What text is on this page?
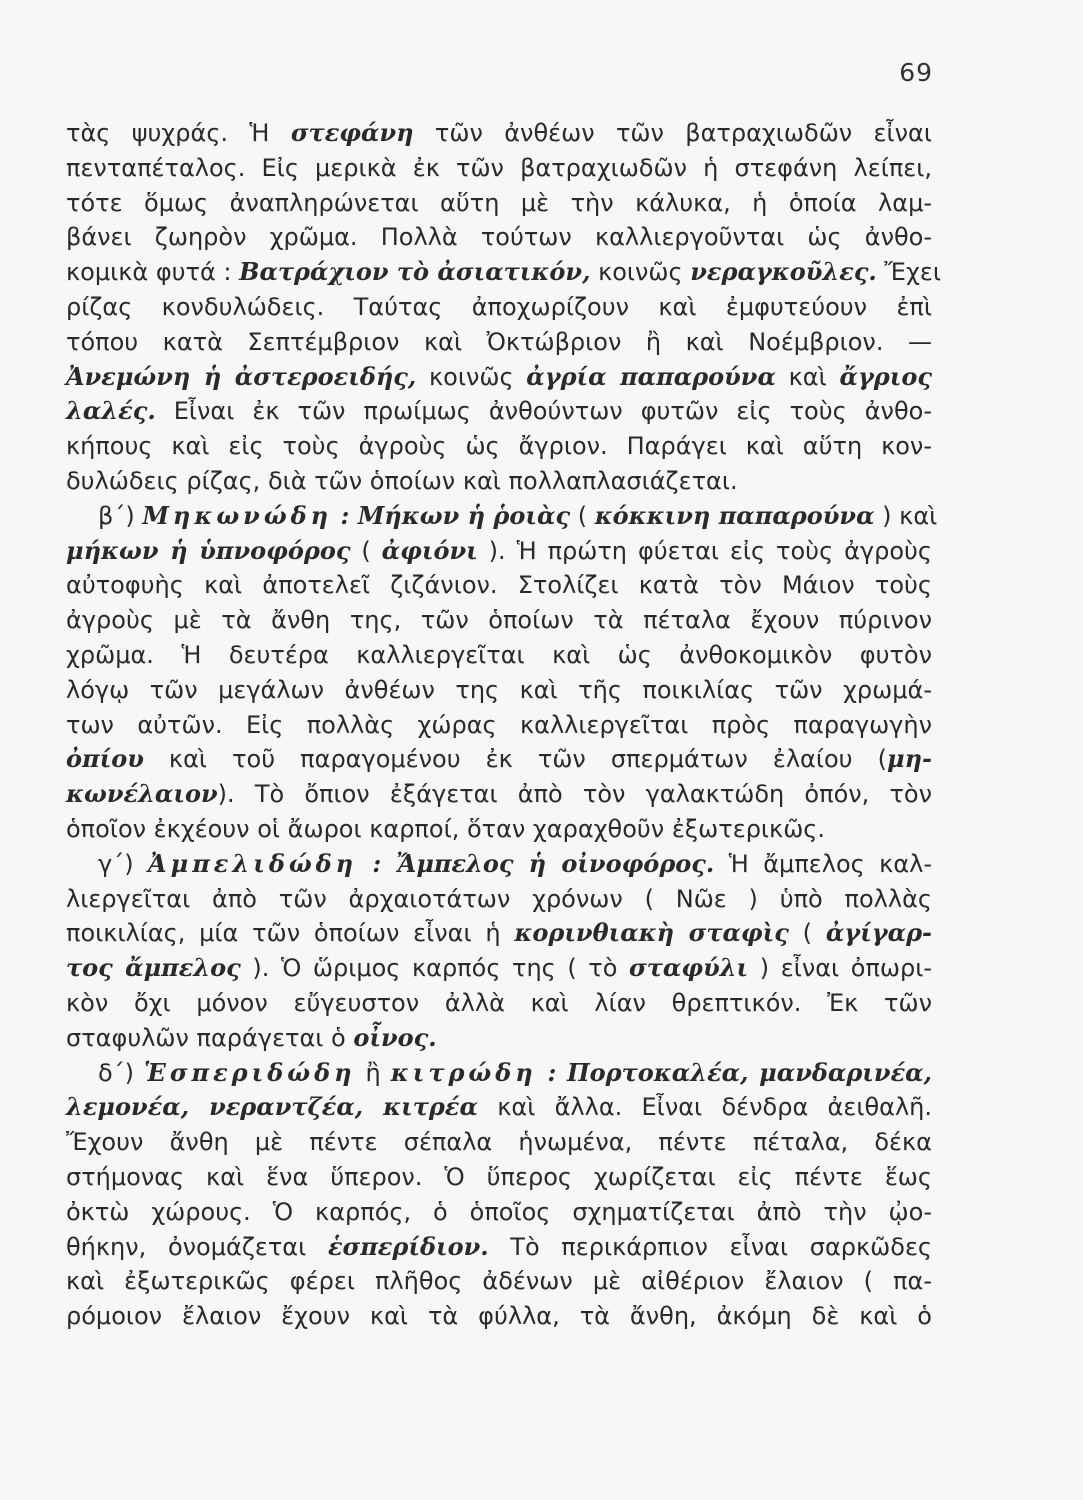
69
τὰς ψυχράς. Ἡ στεφάνη τῶν ἀνθέων τῶν βατραχιωδῶν εἶναι
πενταπέταλος. Εἰς μερικὰ ἐκ τῶν βατραχιωδῶν ἡ στεφάνη λείπει,
τότε ὅμως ἀναπληρώνεται αὕτη μὲ τὴν κάλυκα, ἡ ὁποία λαμ-
βάνει ζωηρὸν χρῶμα. Πολλὰ τούτων καλλιεργοῦνται ὡς ἀνθο-
κομικὰ φυτά : Βατράχιον τὸ ἀσιατικόν, κοινῶς νεραγκοῦλες. Ἔχει
ρίζας κονδυλώδεις. Ταύτας ἀποχωρίζουν καὶ ἐμφυτεύουν ἐπὶ
τόπου κατὰ Σεπτέμβριον καὶ Ὀκτώβριον ἢ καὶ Νοέμβριον. —
Ἀνεμώνη ἡ ἀστεροειδής, κοινῶς ἀγρία παπαρούνα καὶ ἄγριος
λαλές. Εἶναι ἐκ τῶν πρωίμως ἀνθούντων φυτῶν εἰς τοὺς ἀνθο-
κήπους καὶ εἰς τοὺς ἀγροὺς ὡς ἄγριον. Παράγει καὶ αὕτη κον-
δυλώδεις ρίζας, διὰ τῶν ὁποίων καὶ πολλαπλασιάζεται.
β´) Μηκωνώδη : Μήκων ἡ ῥοιὰς ( κόκκινη παπαρούνα ) καὶ
μήκων ἡ ὑπνοφόρος ( ἀφιόνι ). Ἡ πρώτη φύεται εἰς τοὺς ἀγροὺς
αὐτοφυὴς καὶ ἀποτελεῖ ζιζάνιον. Στολίζει κατὰ τὸν Μάιον τοὺς
ἀγροὺς μὲ τὰ ἄνθη της, τῶν ὁποίων τὰ πέταλα ἔχουν πύρινον
χρῶμα. Ἡ δευτέρα καλλιεργεῖται καὶ ὡς ἀνθοκομικὸν φυτὸν
λόγῳ τῶν μεγάλων ἀνθέων της καὶ τῆς ποικιλίας τῶν χρωμά-
των αὐτῶν. Εἰς πολλὰς χώρας καλλιεργεῖται πρὸς παραγωγὴν
ὀπίου καὶ τοῦ παραγομένου ἐκ τῶν σπερμάτων ἐλαίου (μη-
κωνέλαιον). Τὸ ὄπιον ἐξάγεται ἀπὸ τὸν γαλακτώδη ὀπόν, τὸν
ὁποῖον ἐκχέουν οἱ ἄωροι καρποί, ὅταν χαραχθοῦν ἐξωτερικῶς.
γ´) Ἀμπελιδώδη : Ἄμπελος ἡ οἰνοφόρος. Ἡ ἄμπελος καλ-
λιεργεῖται ἀπὸ τῶν ἀρχαιοτάτων χρόνων ( Νῶε ) ὑπὸ πολλὰς
ποικιλίας, μία τῶν ὁποίων εἶναι ἡ κορινθιακὴ σταφὶς ( ἀγίγαρ-
τος ἄμπελος ). Ὁ ὥριμος καρπός της ( τὸ σταφύλι ) εἶναι ὀπωρι-
κὸν ὄχι μόνον εὔγευστον ἀλλὰ καὶ λίαν θρεπτικόν. Ἐκ τῶν
σταφυλῶν παράγεται ὁ οἶνος.
δ´) Ἑσπεριδώδη ἢ κιτρώδη : Πορτοκαλέα, μανδαρινέα,
λεμονέα, νεραντζέα, κιτρέα καὶ ἄλλα. Εἶναι δένδρα ἀειθαλῆ.
Ἔχουν ἄνθη μὲ πέντε σέπαλα ἡνωμένα, πέντε πέταλα, δέκα
στήμονας καὶ ἕνα ὕπερον. Ὁ ὕπερος χωρίζεται εἰς πέντε ἕως
ὀκτὼ χώρους. Ὁ καρπός, ὁ ὁποῖος σχηματίζεται ἀπὸ τὴν ᾠο-
θήκην, ὀνομάζεται ἑσπερίδιον. Τὸ περικάρπιον εἶναι σαρκῶδες
καὶ ἐξωτερικῶς φέρει πλῆθος ἀδένων μὲ αἰθέριον ἔλαιον ( πα-
ρόμοιον ἔλαιον ἔχουν καὶ τὰ φύλλα, τὰ ἄνθη, ἀκόμη δὲ καὶ ὁ
